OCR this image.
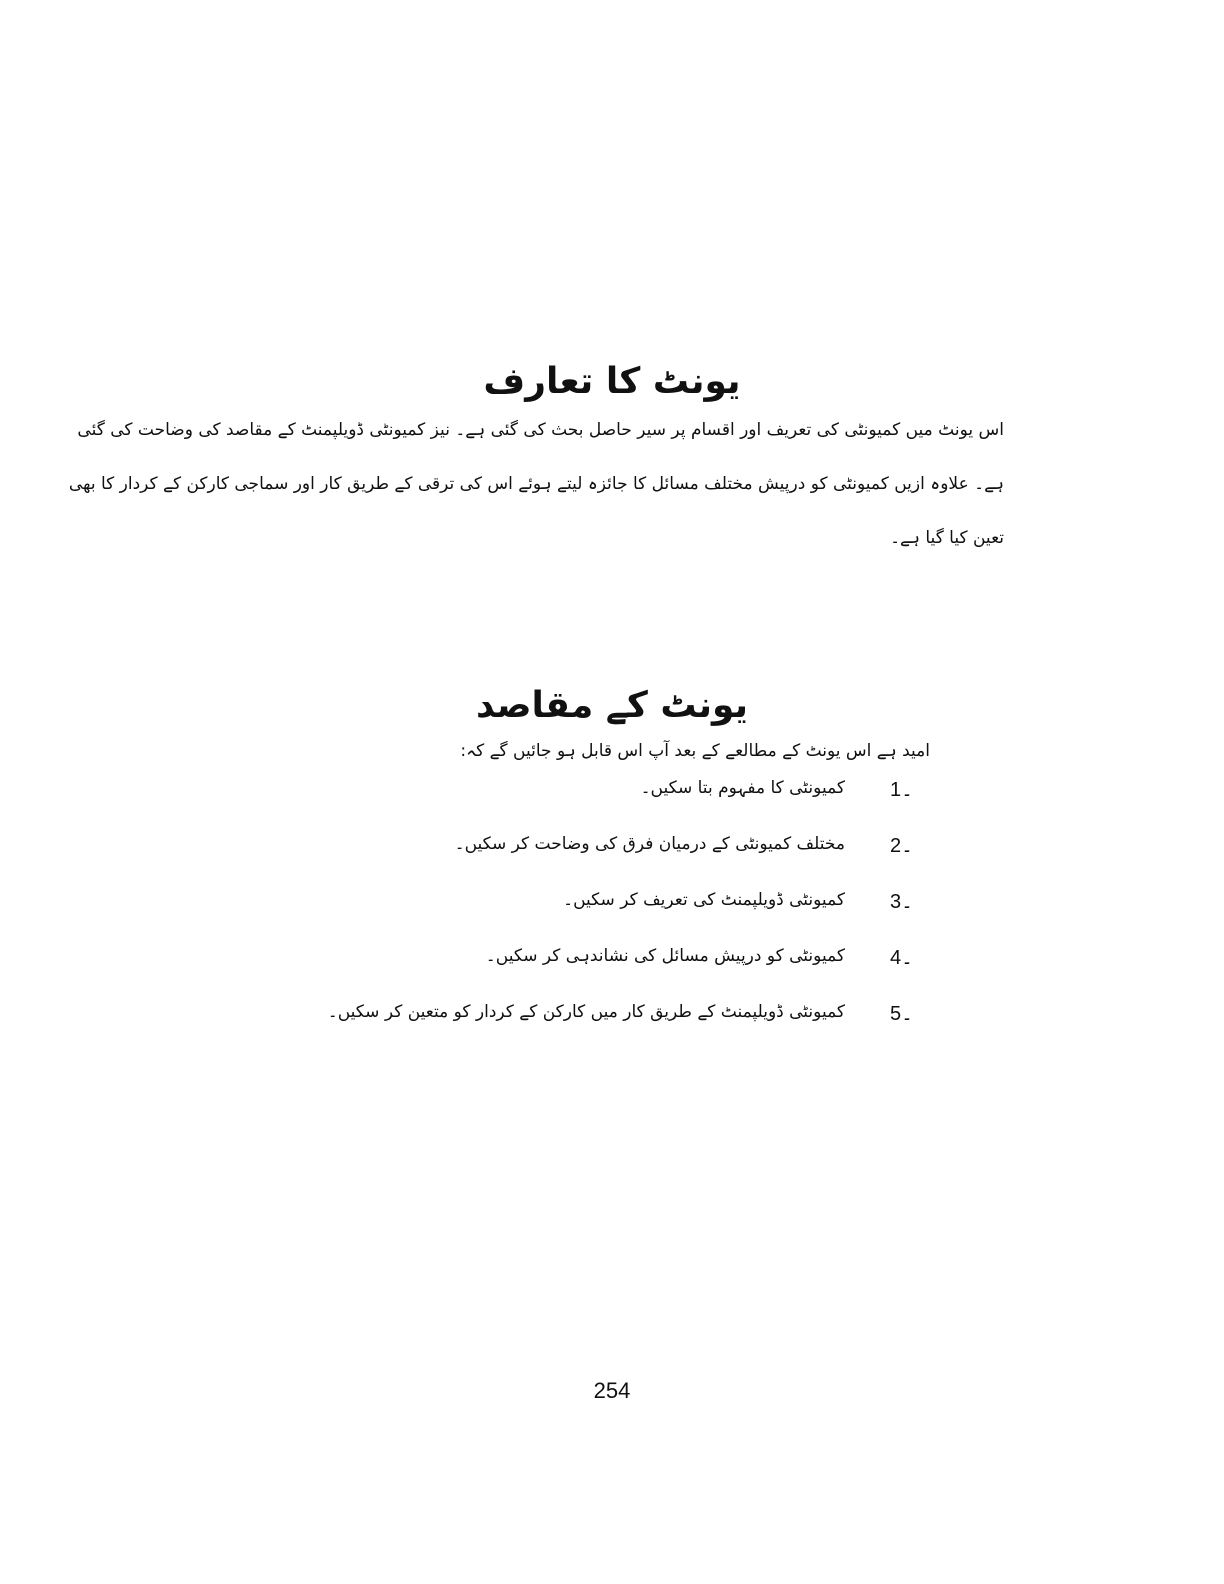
یونٹ کا تعارف
اس یونٹ میں کمیونٹی کی تعریف اور اقسام پر سیر حاصل بحث کی گئی ہے۔ نیز کمیونٹی ڈویلپمنٹ کے مقاصد کی وضاحت کی گئی
ہے۔ علاوہ ازیں کمیونٹی کو درپیش مختلف مسائل کا جائزہ لیتے ہوئے اس کی ترقی کے طریق کار اور سماجی کارکن کے کردار کا بھی
تعین کیا گیا ہے۔
یونٹ کے مقاصد

امید ہے اس یونٹ کے مطالعے کے بعد آپ اس قابل ہو جائیں گے کہ:

1۔
کمیونٹی کا مفہوم بتا سکیں۔
2۔
مختلف کمیونٹی کے درمیان فرق کی وضاحت کر سکیں۔
3۔
کمیونٹی ڈویلپمنٹ کی تعریف کر سکیں۔
4۔
کمیونٹی کو درپیش مسائل کی نشاندہی کر سکیں۔
5۔
کمیونٹی ڈویلپمنٹ کے طریق کار میں کارکن کے کردار کو متعین کر سکیں۔
254
